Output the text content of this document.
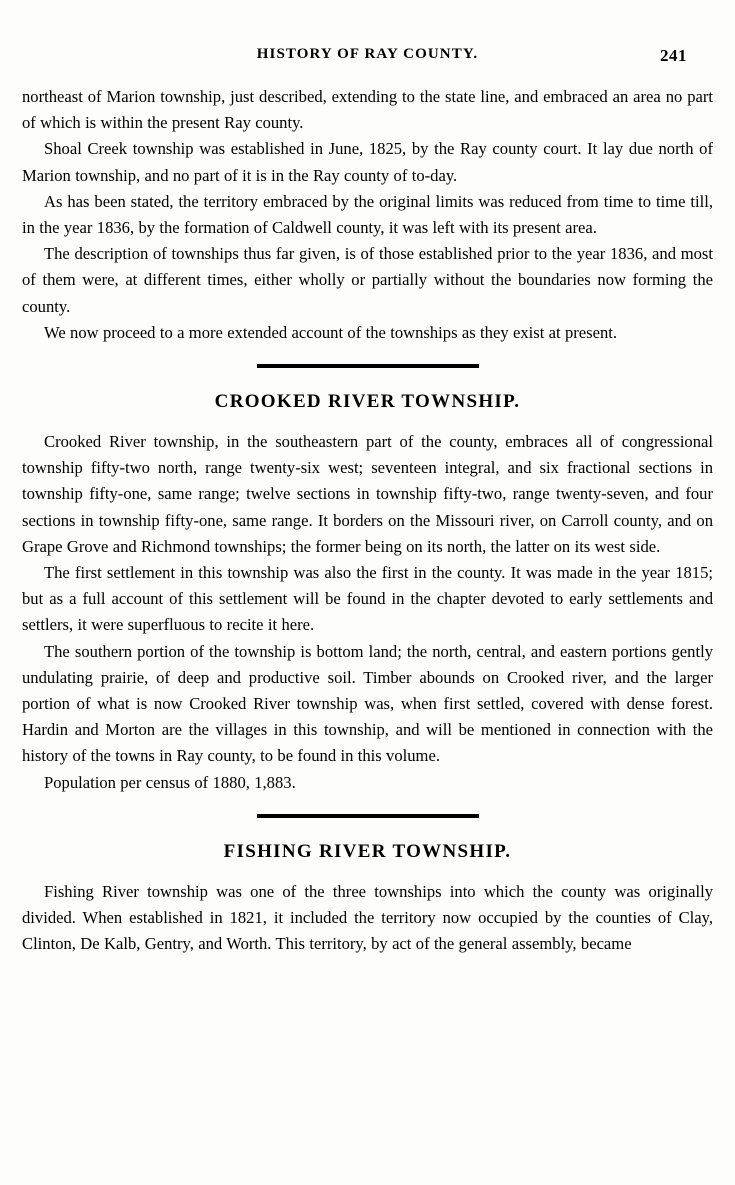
HISTORY OF RAY COUNTY.	241

northeast of Marion township, just described, extending to the state line, and embraced an area no part of which is within the present Ray county.

Shoal Creek township was established in June, 1825, by the Ray county court. It lay due north of Marion township, and no part of it is in the Ray county of to-day.

As has been stated, the territory embraced by the original limits was reduced from time to time till, in the year 1836, by the formation of Caldwell county, it was left with its present area.

The description of townships thus far given, is of those established prior to the year 1836, and most of them were, at different times, either wholly or partially without the boundaries now forming the county.

We now proceed to a more extended account of the townships as they exist at present.

CROOKED RIVER TOWNSHIP.

Crooked River township, in the southeastern part of the county, embraces all of congressional township fifty-two north, range twenty-six west; seventeen integral, and six fractional sections in township fifty-one, same range; twelve sections in township fifty-two, range twenty-seven, and four sections in township fifty-one, same range. It borders on the Missouri river, on Carroll county, and on Grape Grove and Richmond townships; the former being on its north, the latter on its west side.

The first settlement in this township was also the first in the county. It was made in the year 1815; but as a full account of this settlement will be found in the chapter devoted to early settlements and settlers, it were superfluous to recite it here.

The southern portion of the township is bottom land; the north, central, and eastern portions gently undulating prairie, of deep and productive soil. Timber abounds on Crooked river, and the larger portion of what is now Crooked River township was, when first settled, covered with dense forest. Hardin and Morton are the villages in this township, and will be mentioned in connection with the history of the towns in Ray county, to be found in this volume.

Population per census of 1880, 1,883.

FISHING RIVER TOWNSHIP.

Fishing River township was one of the three townships into which the county was originally divided. When established in 1821, it included the territory now occupied by the counties of Clay, Clinton, De Kalb, Gentry, and Worth. This territory, by act of the general assembly, became
